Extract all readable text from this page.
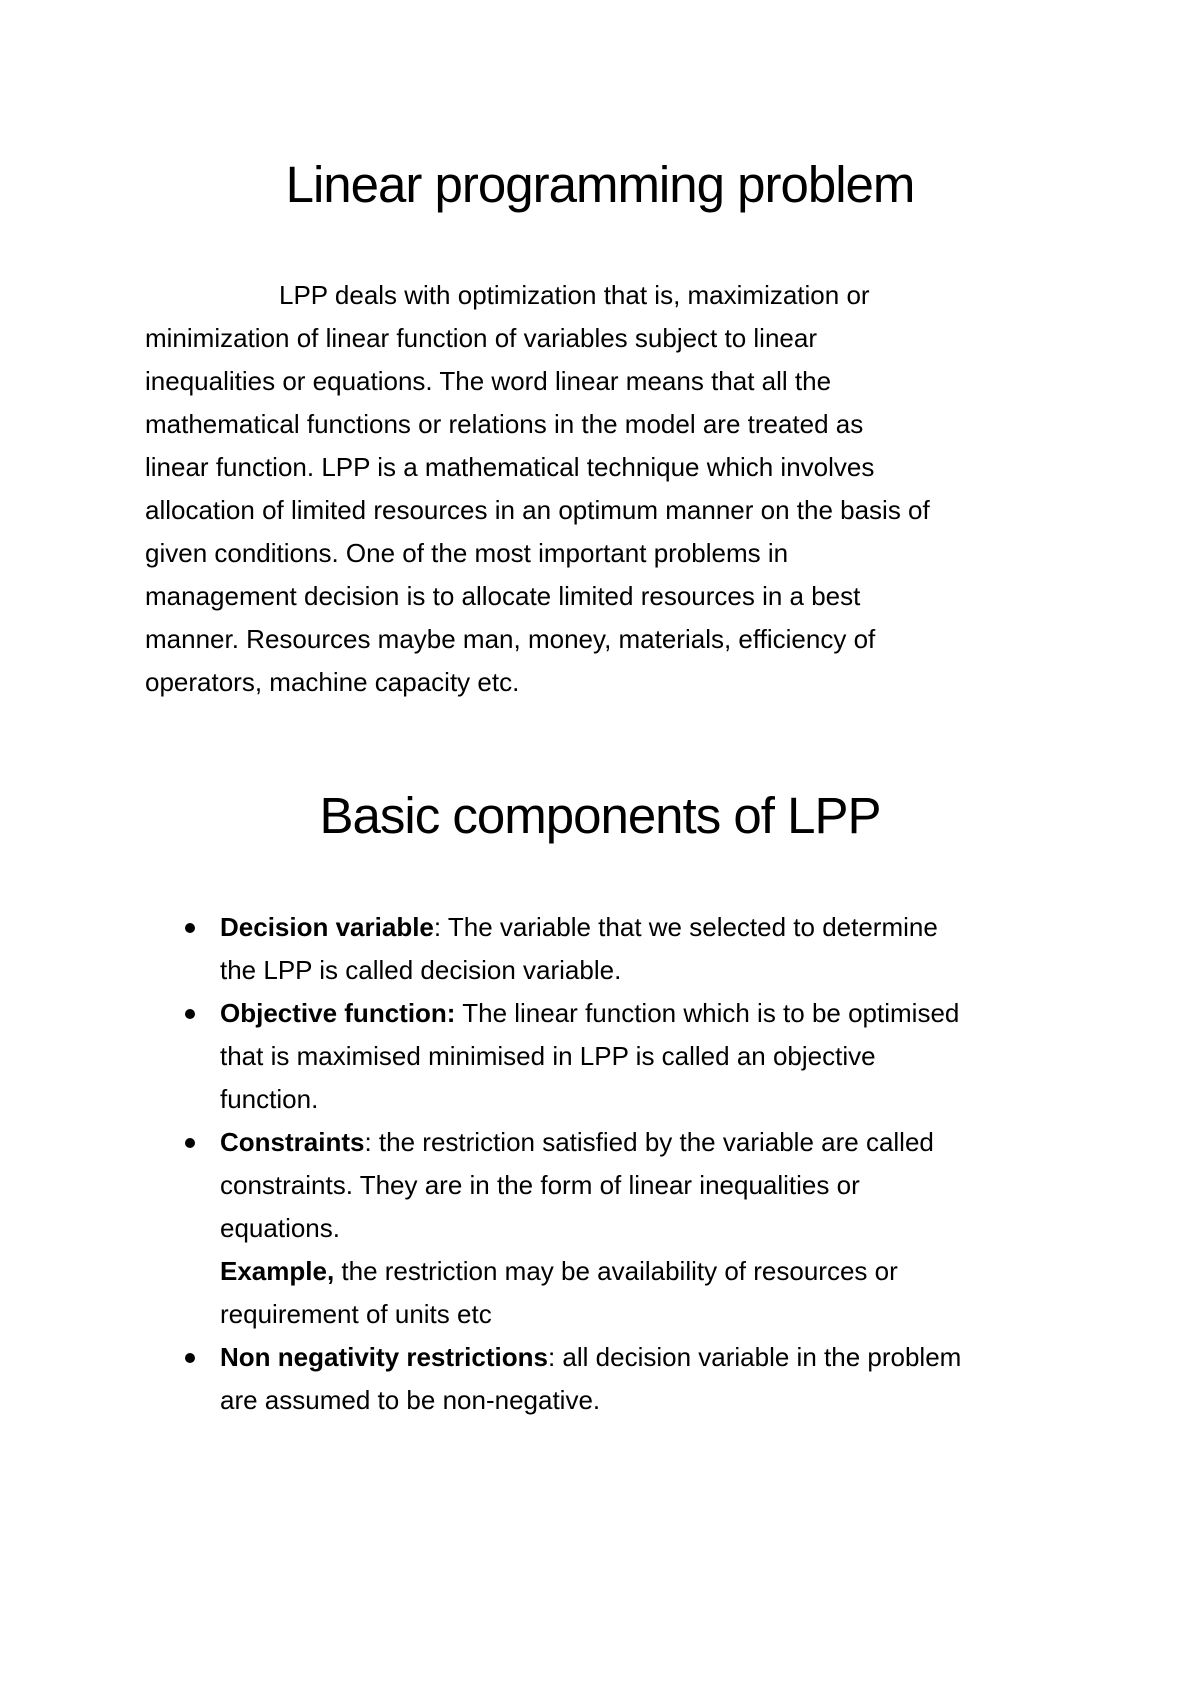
Linear programming problem

LPP deals with optimization that is, maximization or
minimization of linear function of variables subject to linear
inequalities or equations. The word linear means that all the
mathematical functions or relations in the model are treated as
linear function. LPP is a mathematical technique which involves
allocation of limited resources in an optimum manner on the basis of
given conditions. One of the most important problems in
management decision is to allocate limited resources in a best
manner. Resources maybe man, money, materials, efficiency of
operators, machine capacity etc.

Basic components of LPP
Decision variable: The variable that we selected to determine
the LPP is called decision variable.
Objective function: The linear function which is to be optimised
that is maximised minimised in LPP is called an objective
function.
Constraints: the restriction satisfied by the variable are called
constraints. They are in the form of linear inequalities or
equations.
Example, the restriction may be availability of resources or
requirement of units etc
Non negativity restrictions: all decision variable in the problem
are assumed to be non-negative.
